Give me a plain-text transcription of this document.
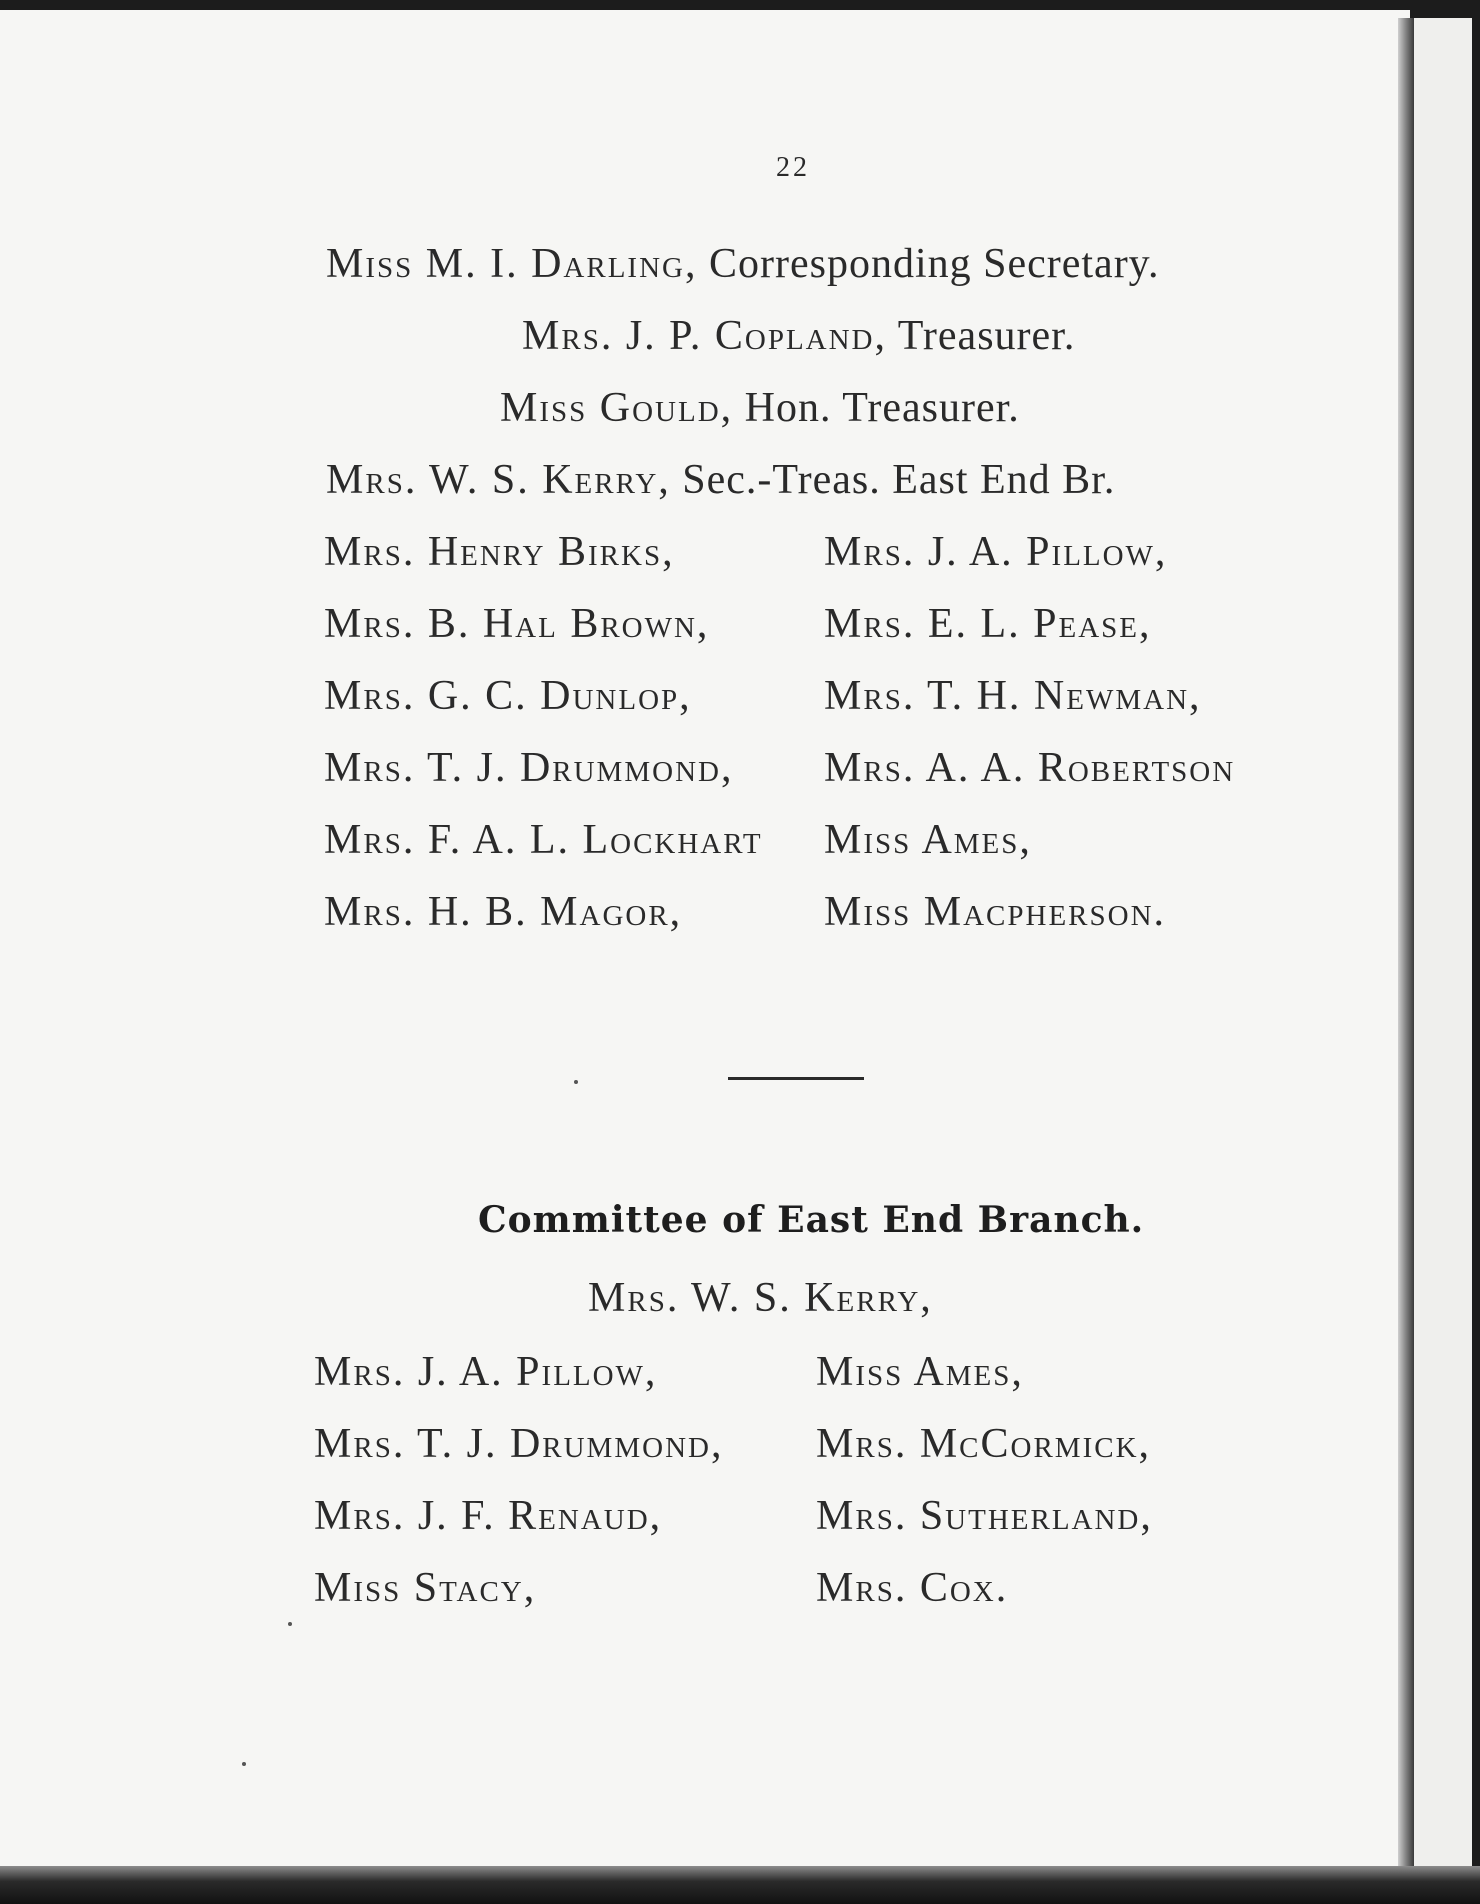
22
Miss M. I. Darling, Corresponding Secretary.
Mrs. J. P. Copland, Treasurer.
Miss Gould, Hon. Treasurer.
Mrs. W. S. Kerry, Sec.-Treas. East End Br.
Mrs. Henry Birks,
Mrs. B. Hal Brown,
Mrs. G. C. Dunlop,
Mrs. T. J. Drummond,
Mrs. F. A. L. Lockhart
Mrs. H. B. Magor,
Mrs. J. A. Pillow,
Mrs. E. L. Pease,
Mrs. T. H. Newman,
Mrs. A. A. Robertson
Miss Ames,
Miss Macpherson.
Committee of East End Branch.
Mrs. W. S. Kerry,
Mrs. J. A. Pillow,
Mrs. T. J. Drummond,
Mrs. J. F. Renaud,
Miss Stacy,
Miss Ames,
Mrs. McCormick,
Mrs. Sutherland,
Mrs. Cox.
